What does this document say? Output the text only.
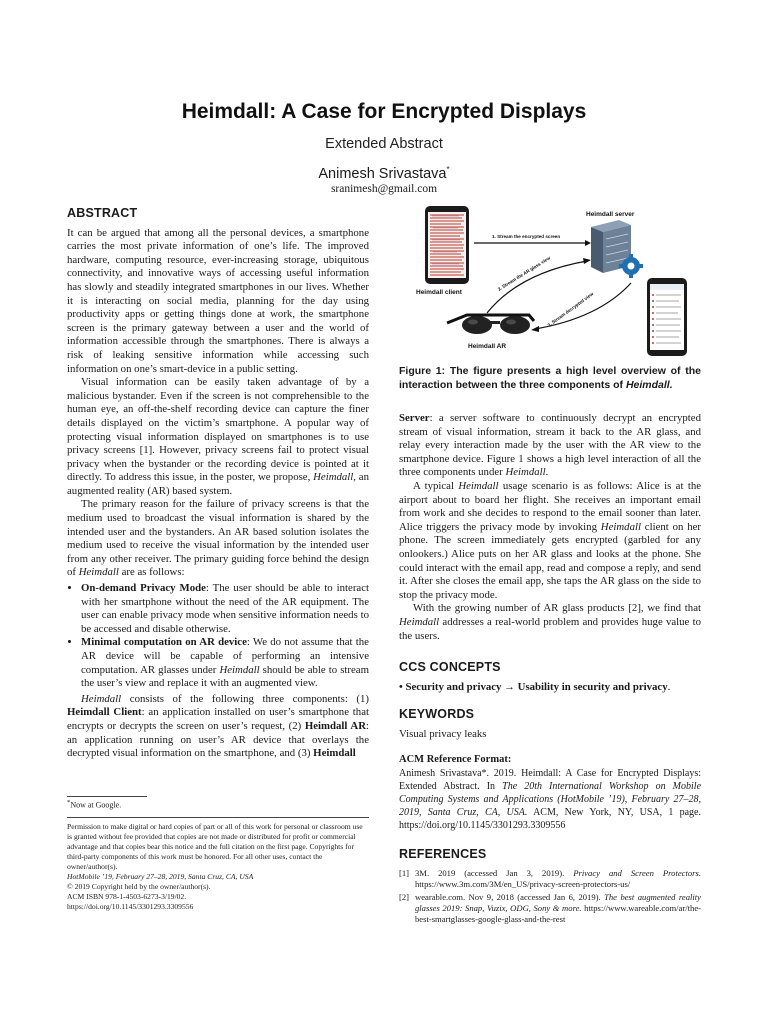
Heimdall: A Case for Encrypted Displays
Extended Abstract
Animesh Srivastava*
sranimesh@gmail.com
ABSTRACT

It can be argued that among all the personal devices, a smartphone carries the most private information of one’s life. The improved hardware, computing resource, ever-increasing storage, ubiquitous connectivity, and innovative ways of accessing useful information has slowly and steadily integrated smartphones in our lives. Whether it is interacting on social media, planning for the day using productivity apps or getting things done at work, the smartphone screen is the primary gateway between a user and the world of information accessible through the smartphones. There is always a risk of leaking sensitive information while accessing such information on one’s smart-device in a public setting.

Visual information can be easily taken advantage of by a malicious bystander. Even if the screen is not comprehensible to the human eye, an off-the-shelf recording device can capture the finer details displayed on the victim’s smartphone. A popular way of protecting visual information displayed on smartphones is to use privacy screens [1]. However, privacy screens fail to protect visual privacy when the bystander or the recording device is pointed at it directly. To address this issue, in the poster, we propose, Heimdall, an augmented reality (AR) based system.

The primary reason for the failure of privacy screens is that the medium used to broadcast the visual information is shared by the intended user and the bystanders. An AR based solution isolates the medium used to receive the visual information by the intended user from any other receiver. The primary guiding force behind the design of Heimdall are as follows:

• On-demand Privacy Mode: The user should be able to interact with her smartphone without the need of the AR equipment. The user can enable privacy mode when sensitive information needs to be accessed and disable otherwise.
• Minimal computation on AR device: We do not assume that the AR device will be capable of performing an intensive computation. AR glasses under Heimdall should be able to stream the user’s view and replace it with an augmented view.

Heimdall consists of the following three components: (1) Heimdall Client: an application installed on user’s smartphone that encrypts or decrypts the screen on user’s request, (2) Heimdall AR: an application running on user’s AR device that overlays the decrypted visual information on the smartphone, and (3) Heimdall

*Now at Google.
Permission to make digital or hard copies of part or all of this work for personal or classroom use is granted without fee provided that copies are not made or distributed for profit or commercial advantage and that copies bear this notice and the full citation on the first page. Copyrights for third-party components of this work must be honored. For all other uses, contact the owner/author(s).
HotMobile ’19, February 27–28, 2019, Santa Cruz, CA, USA
© 2019 Copyright held by the owner/author(s).
ACM ISBN 978-1-4503-6273-3/19/02.
https://doi.org/10.1145/3301293.3309556
Heimdall client
Heimdall server
1. Stream the encrypted screen
2. Stream the AR glass view
3. Stream decrypted view
Heimdall AR

Figure 1: The figure presents a high level overview of the interaction between the three components of Heimdall.

Server: a server software to continuously decrypt an encrypted stream of visual information, stream it back to the AR glass, and relay every interaction made by the user with the AR view to the smartphone device. Figure 1 shows a high level interaction of all the three components under Heimdall.

A typical Heimdall usage scenario is as follows: Alice is at the airport about to board her flight. She receives an important email from work and she decides to respond to the email sooner than later. Alice triggers the privacy mode by invoking Heimdall client on her phone. The screen immediately gets encrypted (garbled for any onlookers.) Alice puts on her AR glass and looks at the phone. She could interact with the email app, read and compose a reply, and send it. After she closes the email app, she taps the AR glass on the side to stop the privacy mode.

With the growing number of AR glass products [2], we find that Heimdall addresses a real-world problem and provides huge value to the users.

CCS CONCEPTS
• Security and privacy → Usability in security and privacy.
KEYWORDS
Visual privacy leaks
ACM Reference Format:

Animesh Srivastava*. 2019. Heimdall: A Case for Encrypted Displays: Extended Abstract. In The 20th International Workshop on Mobile Computing Systems and Applications (HotMobile ’19), February 27–28, 2019, Santa Cruz, CA, USA. ACM, New York, NY, USA, 1 page. https://doi.org/10.1145/3301293.3309556

REFERENCES
[1] 3M. 2019 (accessed Jan 3, 2019). Privacy and Screen Protectors. https://www.3m.com/3M/en_US/privacy-screen-protectors-us/
[2] wearable.com. Nov 9, 2018 (accessed Jan 6, 2019). The best augmented reality glasses 2019: Snap, Vuzix, ODG, Sony & more. https://www.wareable.com/ar/the-best-smartglasses-google-glass-and-the-rest
